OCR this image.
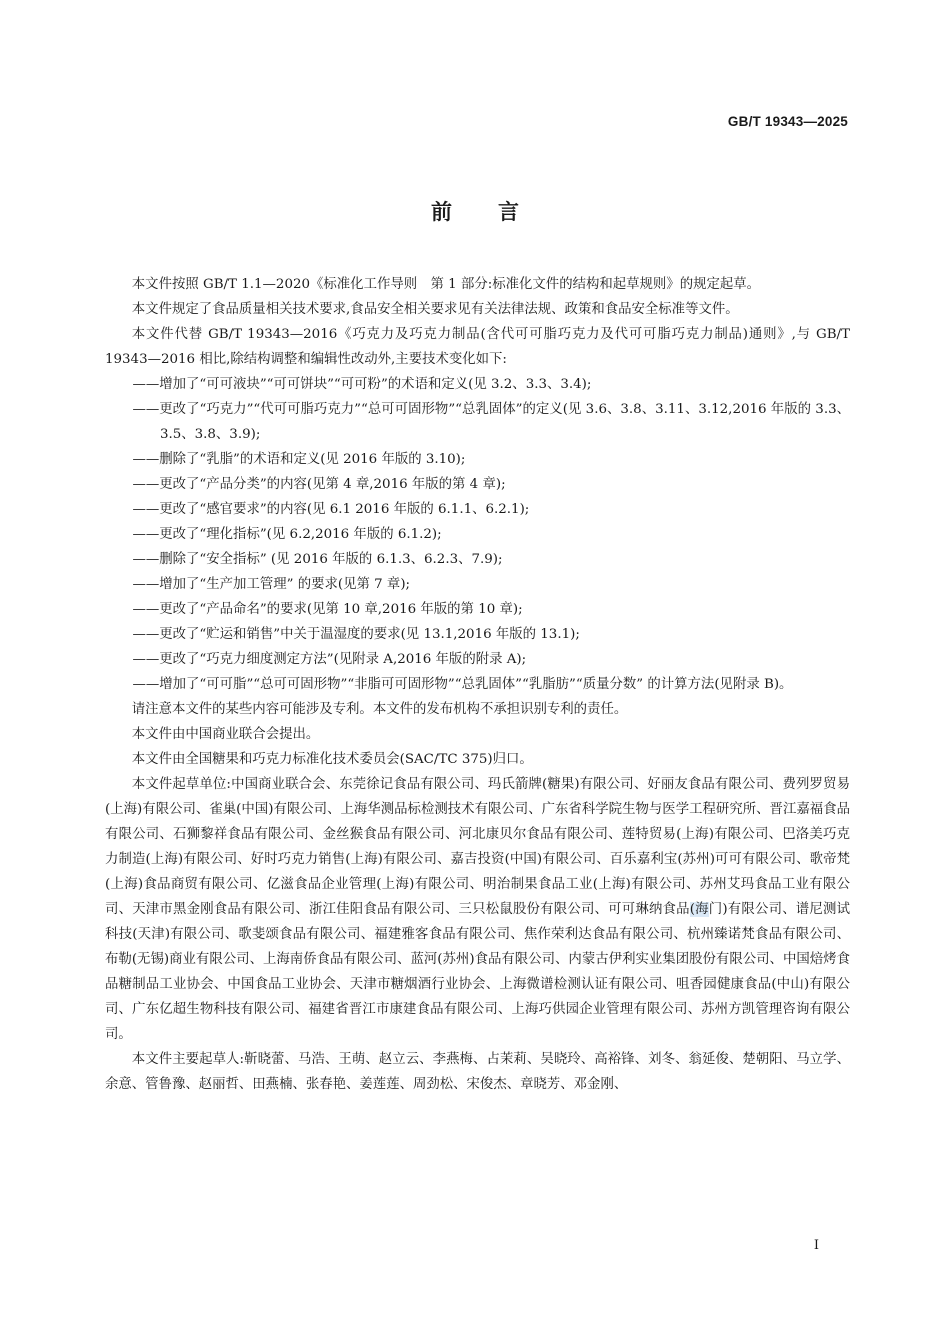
GB/T 19343—2025
前言

本文件按照 GB/T 1.1—2020《标准化工作导则　第 1 部分:标准化文件的结构和起草规则》的规定起草。

本文件规定了食品质量相关技术要求,食品安全相关要求见有关法律法规、政策和食品安全标准等文件。

本文件代替 GB/T 19343—2016《巧克力及巧克力制品(含代可可脂巧克力及代可可脂巧克力制品)通则》,与 GB/T 19343—2016 相比,除结构调整和编辑性改动外,主要技术变化如下:

——增加了“可可液块”“可可饼块”“可可粉”的术语和定义(见 3.2、3.3、3.4);

——更改了“巧克力”“代可可脂巧克力”“总可可固形物”“总乳固体”的定义(见 3.6、3.8、3.11、3.12,2016 年版的 3.3、3.5、3.8、3.9);

——删除了“乳脂”的术语和定义(见 2016 年版的 3.10);

——更改了“产品分类”的内容(见第 4 章,2016 年版的第 4 章);

——更改了“感官要求”的内容(见 6.1 2016 年版的 6.1.1、6.2.1);

——更改了“理化指标”(见 6.2,2016 年版的 6.1.2);

——删除了“安全指标” (见 2016 年版的 6.1.3、6.2.3、7.9);

——增加了“生产加工管理” 的要求(见第 7 章);

——更改了“产品命名”的要求(见第 10 章,2016 年版的第 10 章);

——更改了“贮运和销售”中关于温湿度的要求(见 13.1,2016 年版的 13.1);

——更改了“巧克力细度测定方法”(见附录 A,2016 年版的附录 A);

——增加了“可可脂”“总可可固形物”“非脂可可固形物”“总乳固体”“乳脂肪”“质量分数” 的计算方法(见附录 B)。

请注意本文件的某些内容可能涉及专利。本文件的发布机构不承担识别专利的责任。

本文件由中国商业联合会提出。

本文件由全国糖果和巧克力标准化技术委员会(SAC/TC 375)归口。

本文件起草单位:中国商业联合会、东莞徐记食品有限公司、玛氏箭牌(糖果)有限公司、好丽友食品有限公司、费列罗贸易(上海)有限公司、雀巢(中国)有限公司、上海华测品标检测技术有限公司、广东省科学院生物与医学工程研究所、晋江嘉福食品有限公司、石狮黎祥食品有限公司、金丝猴食品有限公司、河北康贝尔食品有限公司、莲特贸易(上海)有限公司、巴洛美巧克力制造(上海)有限公司、好时巧克力销售(上海)有限公司、嘉吉投资(中国)有限公司、百乐嘉利宝(苏州)可可有限公司、歌帝梵(上海)食品商贸有限公司、亿滋食品企业管理(上海)有限公司、明治制果食品工业(上海)有限公司、苏州艾玛食品工业有限公司、天津市黑金刚食品有限公司、浙江佳阳食品有限公司、三只松鼠股份有限公司、可可琳纳食品(海门)有限公司、谱尼测试科技(天津)有限公司、歌斐颂食品有限公司、福建雅客食品有限公司、焦作荣利达食品有限公司、杭州臻诺梵食品有限公司、布勒(无锡)商业有限公司、上海南侨食品有限公司、蓝河(苏州)食品有限公司、内蒙古伊利实业集团股份有限公司、中国焙烤食品糖制品工业协会、中国食品工业协会、天津市糖烟酒行业协会、上海微谱检测认证有限公司、咀香园健康食品(中山)有限公司、广东亿超生物科技有限公司、福建省晋江市康建食品有限公司、上海巧供园企业管理有限公司、苏州方凯管理咨询有限公司。

本文件主要起草人:靳晓蕾、马浩、王萌、赵立云、李燕梅、占茉莉、吴晓玲、高裕锋、刘冬、翁延俊、楚朝阳、马立学、余意、管鲁豫、赵丽哲、田燕楠、张春艳、姜莲莲、周劲松、宋俊杰、章晓芳、邓金刚、

I
